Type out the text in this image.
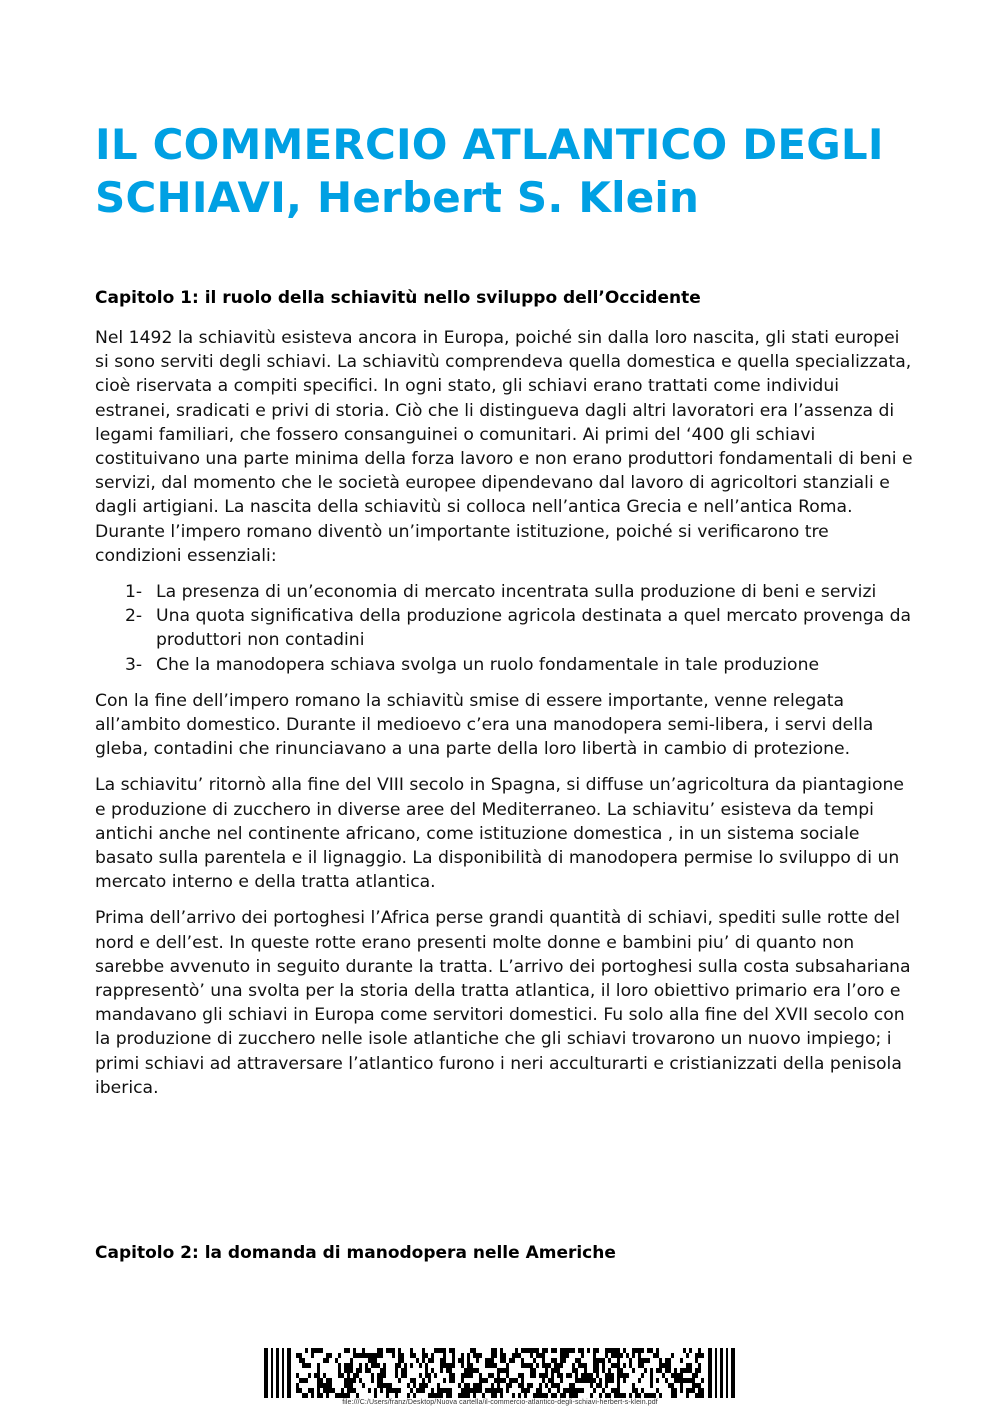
IL COMMERCIO ATLANTICO DEGLI SCHIAVI, Herbert S. Klein
Capitolo 1: il ruolo della schiavitù nello sviluppo dell’Occidente

Nel 1492 la schiavitù esisteva ancora in Europa, poiché sin dalla loro nascita, gli stati europei si sono serviti degli schiavi. La schiavitù comprendeva quella domestica e quella specializzata, cioè riservata a compiti specifici. In ogni stato, gli schiavi erano trattati come individui estranei, sradicati e privi di storia. Ciò che li distingueva dagli altri lavoratori era l’assenza di legami familiari, che fossero consanguinei o comunitari. Ai primi del ‘400 gli schiavi costituivano una parte minima della forza lavoro e non erano produttori fondamentali di beni e servizi, dal momento che le società europee dipendevano dal lavoro di agricoltori stanziali e dagli artigiani. La nascita della schiavitù si colloca nell’antica Grecia e nell’antica Roma. Durante l’impero romano diventò un’importante istituzione, poiché si verificarono tre condizioni essenziali:

1- La presenza di un’economia di mercato incentrata sulla produzione di beni e servizi
2- Una quota significativa della produzione agricola destinata a quel mercato provenga da produttori non contadini
3- Che la manodopera schiava svolga un ruolo fondamentale in tale produzione

Con la fine dell’impero romano la schiavitù smise di essere importante, venne relegata all’ambito domestico. Durante il medioevo c’era una manodopera semi-libera, i servi della gleba, contadini che rinunciavano a una parte della loro libertà in cambio di protezione.

La schiavitu’ ritornò alla fine del VIII secolo in Spagna, si diffuse un’agricoltura da piantagione e produzione di zucchero in diverse aree del Mediterraneo. La schiavitu’ esisteva da tempi antichi anche nel continente africano, come istituzione domestica , in un sistema sociale basato sulla parentela e il lignaggio. La disponibilità di manodopera permise lo sviluppo di un mercato interno e della tratta atlantica.

Prima dell’arrivo dei portoghesi l’Africa perse grandi quantità di schiavi, spediti sulle rotte del nord e dell’est. In queste rotte erano presenti molte donne e bambini piu’ di quanto non sarebbe avvenuto in seguito durante la tratta. L’arrivo dei portoghesi sulla costa subsahariana rappresentò’ una svolta per la storia della tratta atlantica, il loro obiettivo primario era l’oro e mandavano gli schiavi in Europa come servitori domestici. Fu solo alla fine del XVII secolo con la produzione di zucchero nelle isole atlantiche che gli schiavi trovarono un nuovo impiego; i primi schiavi ad attraversare l’atlantico furono i neri acculturarti e cristianizzati della penisola iberica.

Capitolo 2: la domanda di manodopera nelle Americhe
file:///C:/Users/franz/Desktop/Nuova cartella/il-commercio-atlantico-degli-schiavi-herbert-s-klein.pdf
